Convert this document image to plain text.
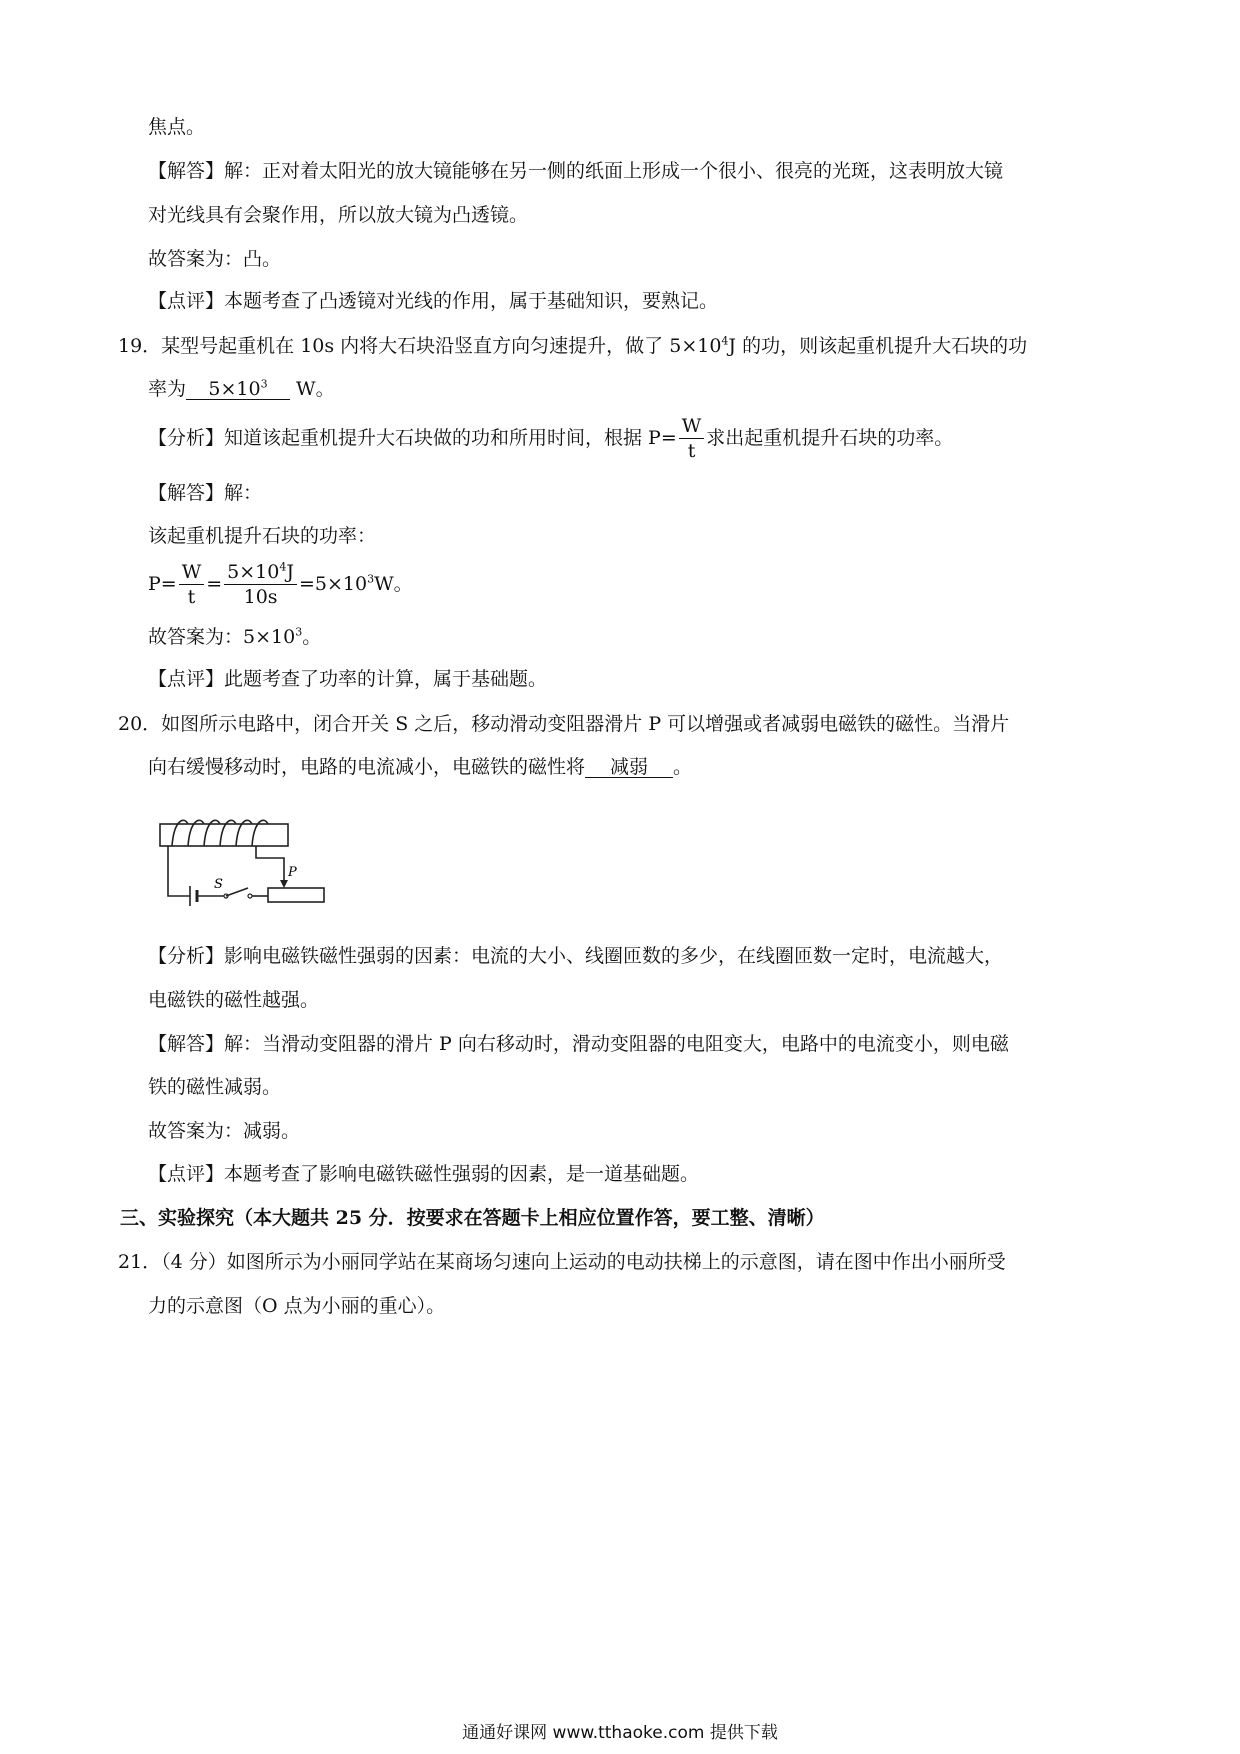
焦点。
【解答】解：正对着太阳光的放大镜能够在另一侧的纸面上形成一个很小、很亮的光斑，这表明放大镜
对光线具有会聚作用，所以放大镜为凸透镜。
故答案为：凸。
【点评】本题考查了凸透镜对光线的作用，属于基础知识，要熟记。
19．某型号起重机在 10s 内将大石块沿竖直方向匀速提升，做了 $5\times 10^4J$ 的功，则该起重机提升大石块的功
率为 $5\times 10^3$ W。
【分析】知道该起重机提升大石块做的功和所用时间，根据 $P= \frac{W}{t}$ 求出起重机提升石块的功率。
【解答】解：
该起重机提升石块的功率：
$P= \frac{W}{t} = \frac{5\times 10^4J}{10s} =5\times 10^3W$。
故答案为：$5\times 10^3$。
【点评】此题考查了功率的计算，属于基础题。
20．如图所示电路中，闭合开关 S 之后，移动滑动变阻器滑片 P 可以增强或者减弱电磁铁的磁性。当滑片
向右缓慢移动时，电路的电流减小，电磁铁的磁性将 减弱 。
S
P
【分析】影响电磁铁磁性强弱的因素：电流的大小、线圈匝数的多少，在线圈匝数一定时，电流越大，
电磁铁的磁性越强。
【解答】解：当滑动变阻器的滑片 P 向右移动时，滑动变阻器的电阻变大，电路中的电流变小，则电磁
铁的磁性减弱。
故答案为：减弱。
【点评】本题考查了影响电磁铁磁性强弱的因素，是一道基础题。
三、实验探究（本大题共 25 分．按要求在答题卡上相应位置作答，要工整、清晰）
21．（4 分）如图所示为小丽同学站在某商场匀速向上运动的电动扶梯上的示意图，请在图中作出小丽所受
力的示意图（O 点为小丽的重心）。
通通好课网 www.tthaoke.com 提供下载
